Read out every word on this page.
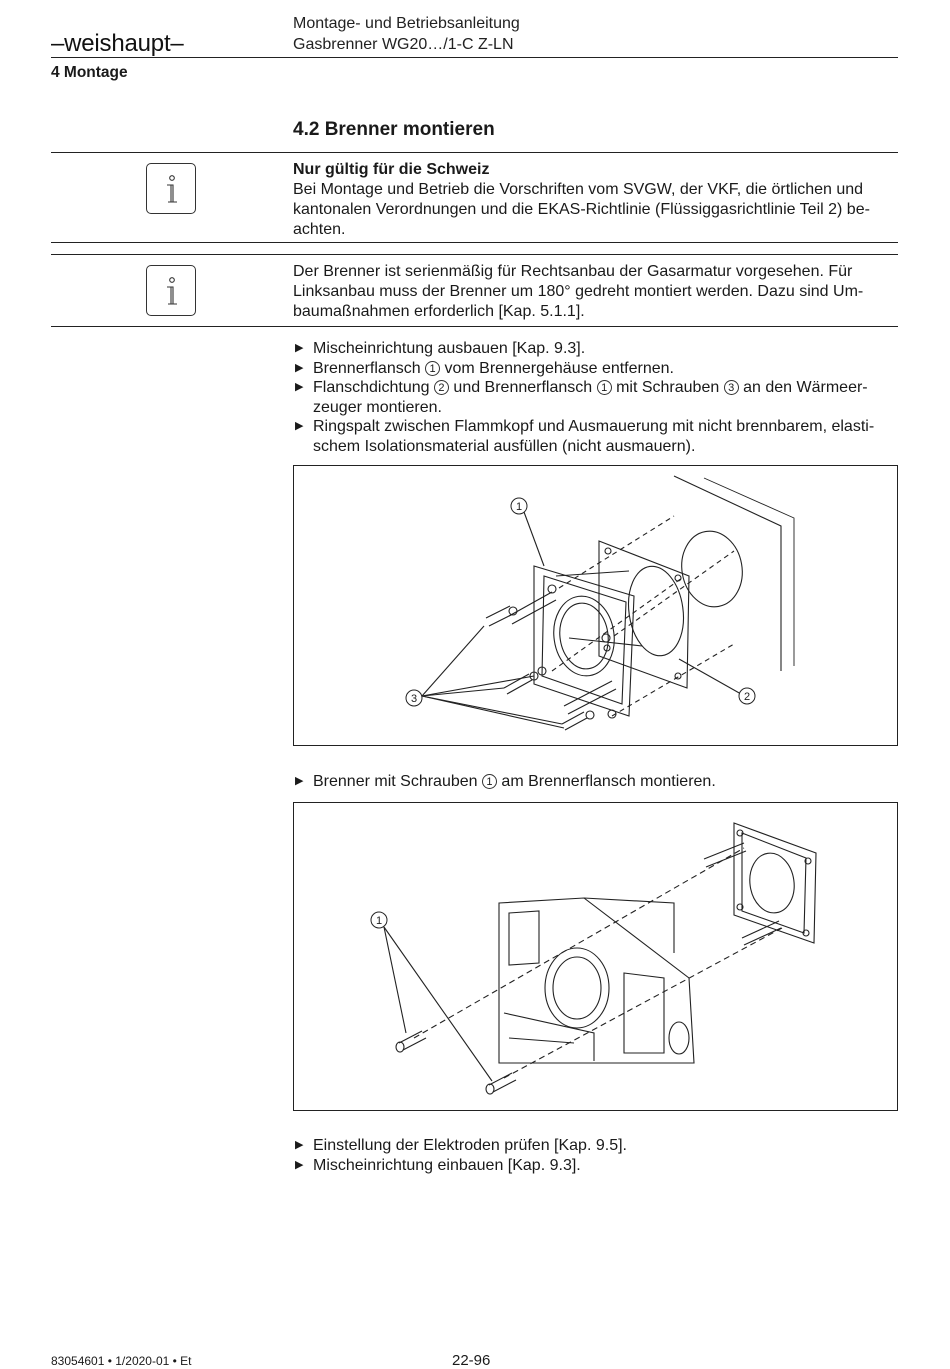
–weishaupt–
Montage- und Betriebsanleitung
Gasbrenner WG20…/1-C Z-LN
4 Montage
4.2 Brenner montieren
Nur gültig für die Schweiz
Bei Montage und Betrieb die Vorschriften vom SVGW, der VKF, die örtlichen und
kantonalen Verordnungen und die EKAS-Richtlinie (Flüssiggasrichtlinie Teil 2) be-
achten.
Der Brenner ist serienmäßig für Rechtsanbau der Gasarmatur vorgesehen. Für
Linksanbau muss der Brenner um 180° gedreht montiert werden. Dazu sind Um-
baumaßnahmen erforderlich [Kap. 5.1.1].
▶ Mischeinrichtung ausbauen [Kap. 9.3].
▶ Brennerflansch 1 vom Brennergehäuse entfernen.
▶ Flanschdichtung 2 und Brennerflansch 1 mit Schrauben 3 an den Wärmeer-
zeuger montieren.
▶ Ringspalt zwischen Flammkopf und Ausmauerung mit nicht brennbarem, elasti-
schem Isolationsmaterial ausfüllen (nicht ausmauern).
1
2
3
▶ Brenner mit Schrauben 1 am Brennerflansch montieren.
1
▶ Einstellung der Elektroden prüfen [Kap. 9.5].
▶ Mischeinrichtung einbauen [Kap. 9.3].
83054601 • 1/2020-01 • Et	22-96
